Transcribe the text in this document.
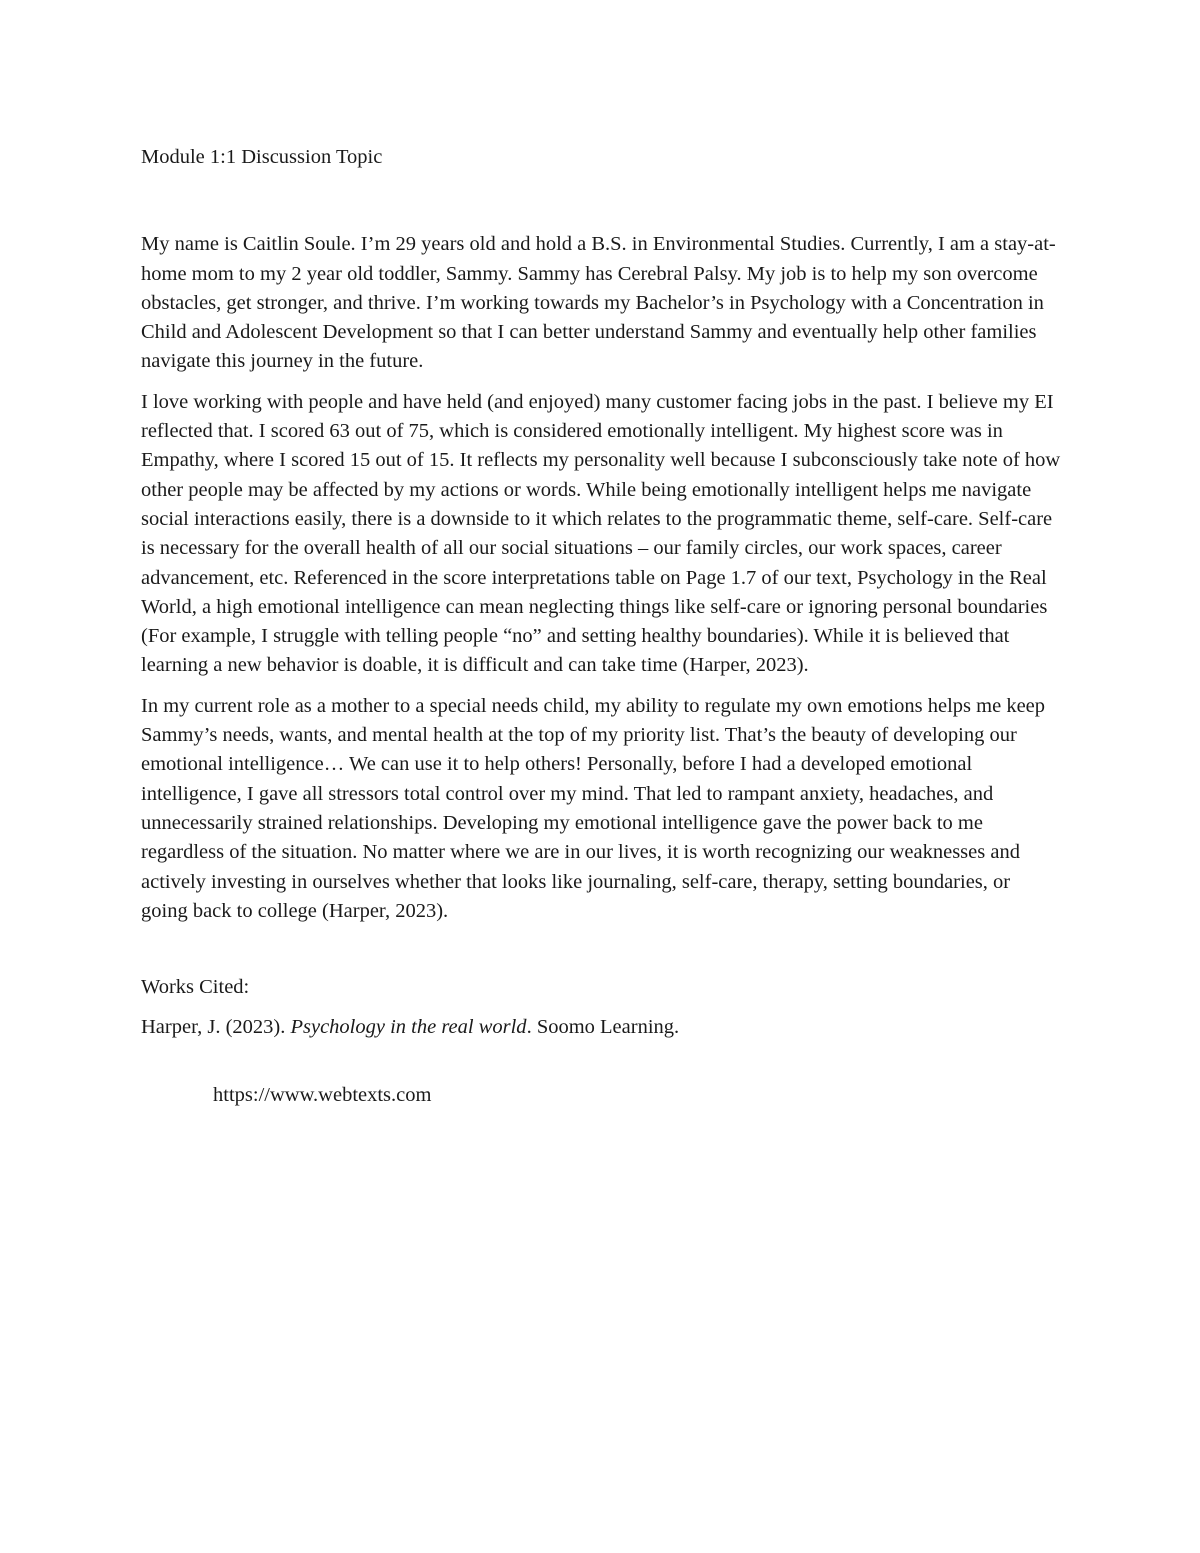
Module 1:1 Discussion Topic

My name is Caitlin Soule. I’m 29 years old and hold a B.S. in Environmental Studies. Currently, I am a stay-at-home mom to my 2 year old toddler, Sammy. Sammy has Cerebral Palsy. My job is to help my son overcome obstacles, get stronger, and thrive. I’m working towards my Bachelor’s in Psychology with a Concentration in Child and Adolescent Development so that I can better understand Sammy and eventually help other families navigate this journey in the future.

I love working with people and have held (and enjoyed) many customer facing jobs in the past. I believe my EI reflected that. I scored 63 out of 75, which is considered emotionally intelligent. My highest score was in Empathy, where I scored 15 out of 15. It reflects my personality well because I subconsciously take note of how other people may be affected by my actions or words. While being emotionally intelligent helps me navigate social interactions easily, there is a downside to it which relates to the programmatic theme, self-care. Self-care is necessary for the overall health of all our social situations – our family circles, our work spaces, career advancement, etc. Referenced in the score interpretations table on Page 1.7 of our text, Psychology in the Real World, a high emotional intelligence can mean neglecting things like self-care or ignoring personal boundaries (For example, I struggle with telling people “no” and setting healthy boundaries). While it is believed that learning a new behavior is doable, it is difficult and can take time (Harper, 2023).

In my current role as a mother to a special needs child, my ability to regulate my own emotions helps me keep Sammy’s needs, wants, and mental health at the top of my priority list. That’s the beauty of developing our emotional intelligence… We can use it to help others! Personally, before I had a developed emotional intelligence, I gave all stressors total control over my mind. That led to rampant anxiety, headaches, and unnecessarily strained relationships. Developing my emotional intelligence gave the power back to me regardless of the situation. No matter where we are in our lives, it is worth recognizing our weaknesses and actively investing in ourselves whether that looks like journaling, self-care, therapy, setting boundaries, or going back to college (Harper, 2023).

Works Cited:

Harper, J. (2023). Psychology in the real world. Soomo Learning.

https://www.webtexts.com
